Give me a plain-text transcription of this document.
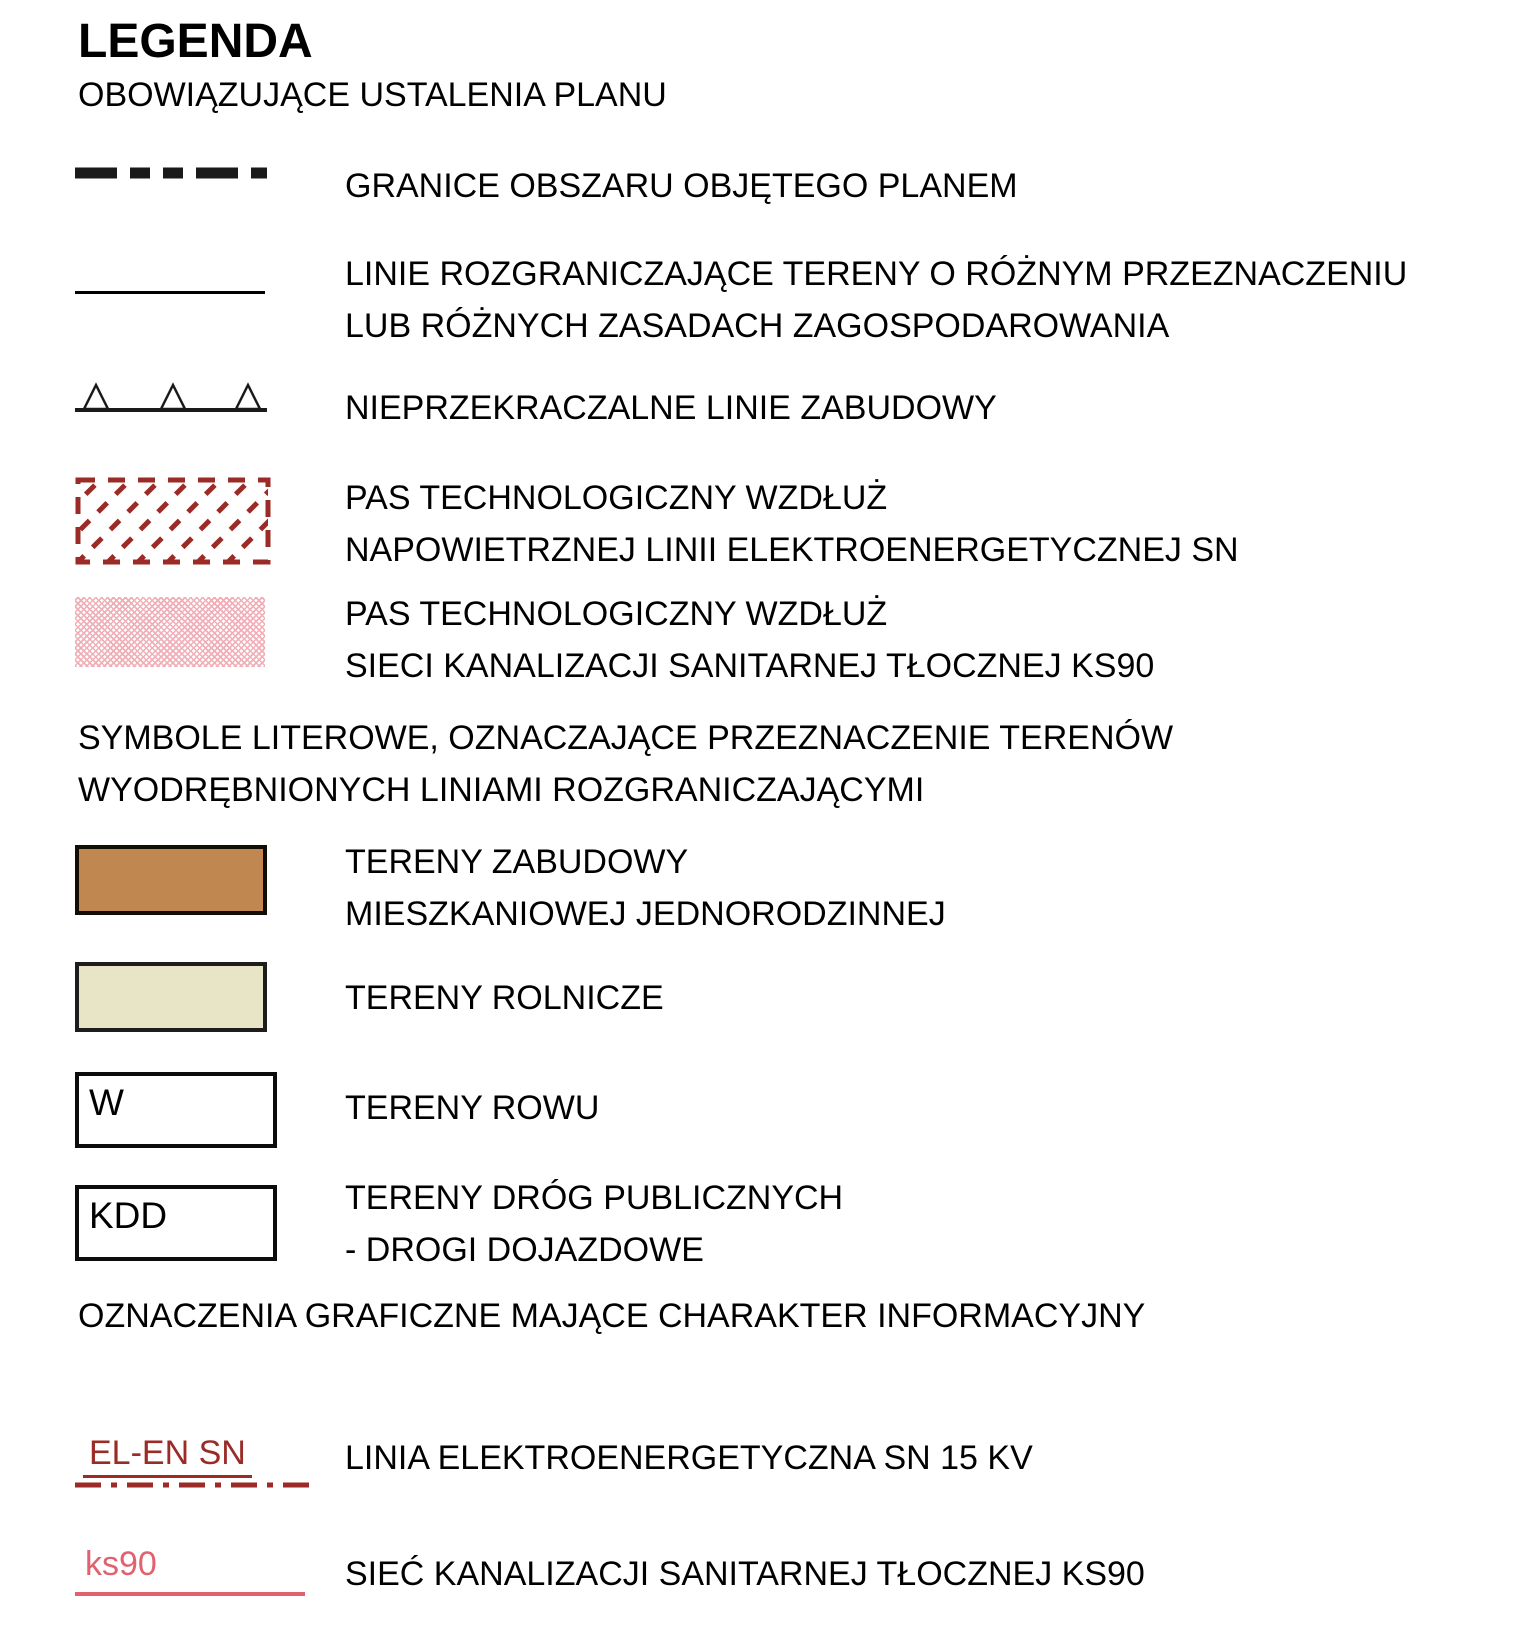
LEGENDA
OBOWIĄZUJĄCE USTALENIA PLANU
GRANICE OBSZARU OBJĘTEGO PLANEM
LINIE ROZGRANICZAJĄCE TERENY O RÓŻNYM PRZEZNACZENIU
LUB RÓŻNYCH ZASADACH ZAGOSPODAROWANIA
NIEPRZEKRACZALNE LINIE ZABUDOWY
PAS TECHNOLOGICZNY WZDŁUŻ
NAPOWIETRZNEJ LINII ELEKTROENERGETYCZNEJ SN
PAS TECHNOLOGICZNY WZDŁUŻ
SIECI KANALIZACJI SANITARNEJ TŁOCZNEJ KS90
SYMBOLE LITEROWE, OZNACZAJĄCE PRZEZNACZENIE TERENÓW
WYODRĘBNIONYCH LINIAMI ROZGRANICZAJĄCYMI
TERENY ZABUDOWY
MIESZKANIOWEJ JEDNORODZINNEJ
TERENY ROLNICZE
W	TERENY ROWU
KDD	TERENY DRÓG PUBLICZNYCH
- DROGI DOJAZDOWE
OZNACZENIA GRAFICZNE MAJĄCE CHARAKTER INFORMACYJNY
EL-EN SN	LINIA ELEKTROENERGETYCZNA SN 15 KV
ks90	SIEĆ KANALIZACJI SANITARNEJ TŁOCZNEJ KS90
